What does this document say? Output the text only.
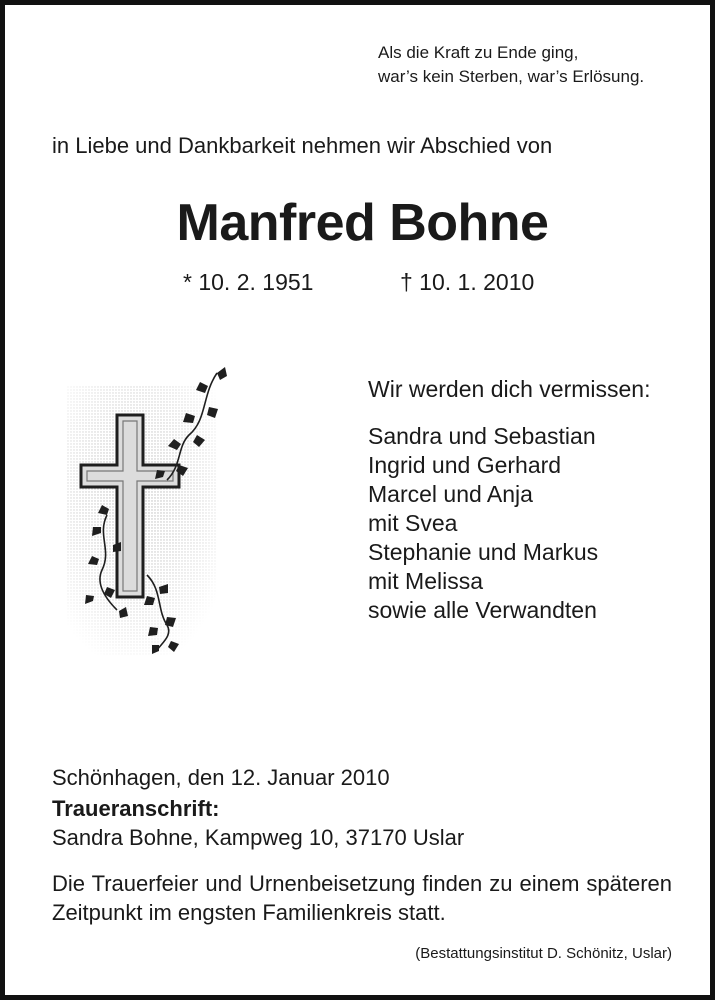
Als die Kraft zu Ende ging,
war’s kein Sterben, war’s Erlösung.
in Liebe und Dankbarkeit nehmen wir Abschied von
Manfred Bohne
* 10. 2. 1951	† 10. 1. 2010
Wir werden dich vermissen:
Sandra und Sebastian
Ingrid und Gerhard
Marcel und Anja
mit Svea
Stephanie und Markus
mit Melissa
sowie alle Verwandten
Schönhagen, den 12. Januar 2010
Traueranschrift:
Sandra Bohne, Kampweg 10, 37170 Uslar
Die Trauerfeier und Urnenbeisetzung finden zu einem späteren Zeitpunkt im engsten Familienkreis statt.
(Bestattungsinstitut D. Schönitz, Uslar)
